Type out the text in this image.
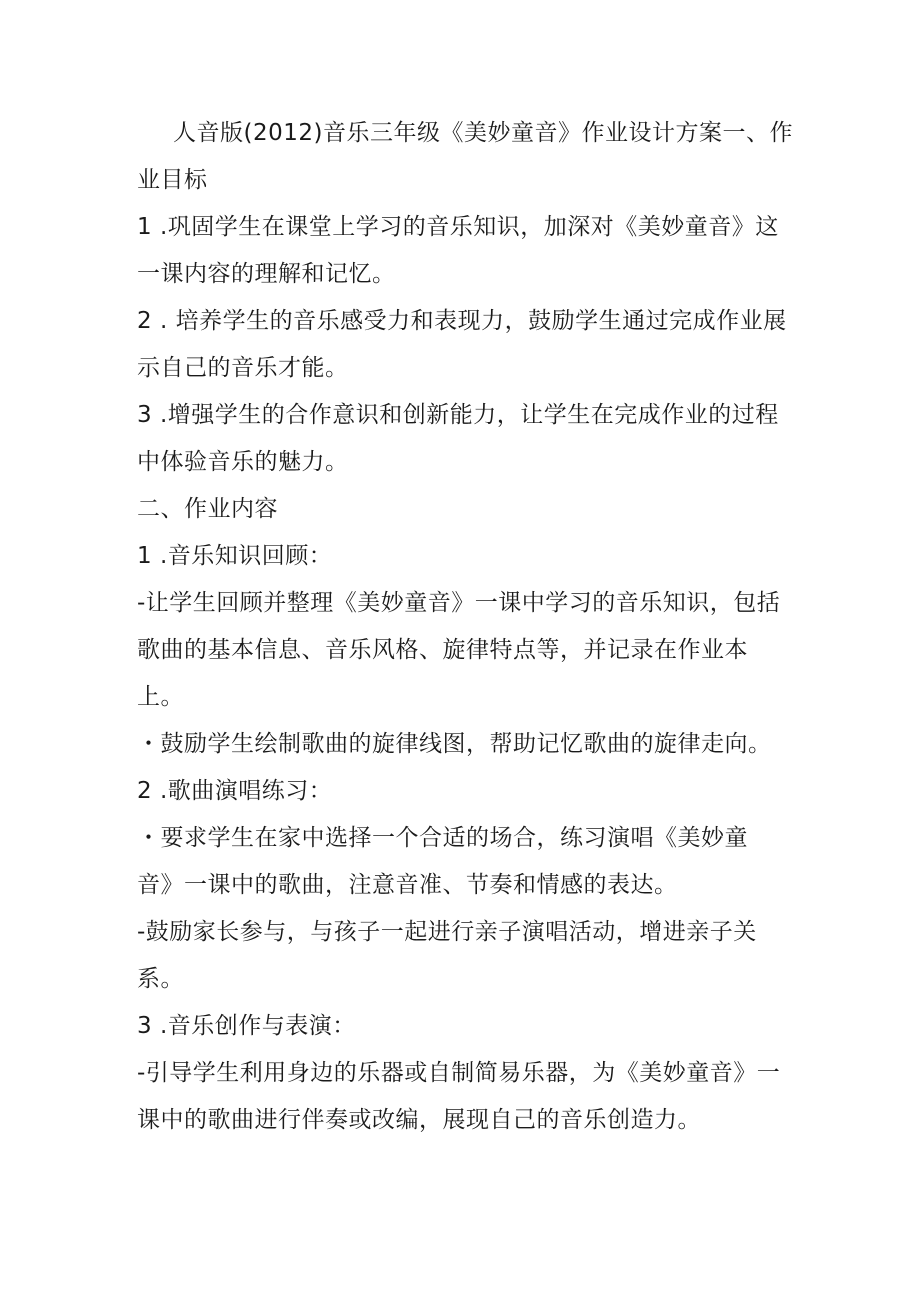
人音版(2012)音乐三年级《美妙童音》作业设计方案一、作
业目标
1 .巩固学生在课堂上学习的音乐知识，加深对《美妙童音》这
一课内容的理解和记忆。
2 . 培养学生的音乐感受力和表现力，鼓励学生通过完成作业展
示自己的音乐才能。
3 .增强学生的合作意识和创新能力，让学生在完成作业的过程
中体验音乐的魅力。
二、作业内容
1 .音乐知识回顾：
-让学生回顾并整理《美妙童音》一课中学习的音乐知识，包括
歌曲的基本信息、音乐风格、旋律特点等，并记录在作业本
上。
・鼓励学生绘制歌曲的旋律线图，帮助记忆歌曲的旋律走向。
2 .歌曲演唱练习：
・要求学生在家中选择一个合适的场合，练习演唱《美妙童
音》一课中的歌曲，注意音准、节奏和情感的表达。
-鼓励家长参与，与孩子一起进行亲子演唱活动，增进亲子关
系。
3 .音乐创作与表演：
-引导学生利用身边的乐器或自制简易乐器，为《美妙童音》一
课中的歌曲进行伴奏或改编，展现自己的音乐创造力。
